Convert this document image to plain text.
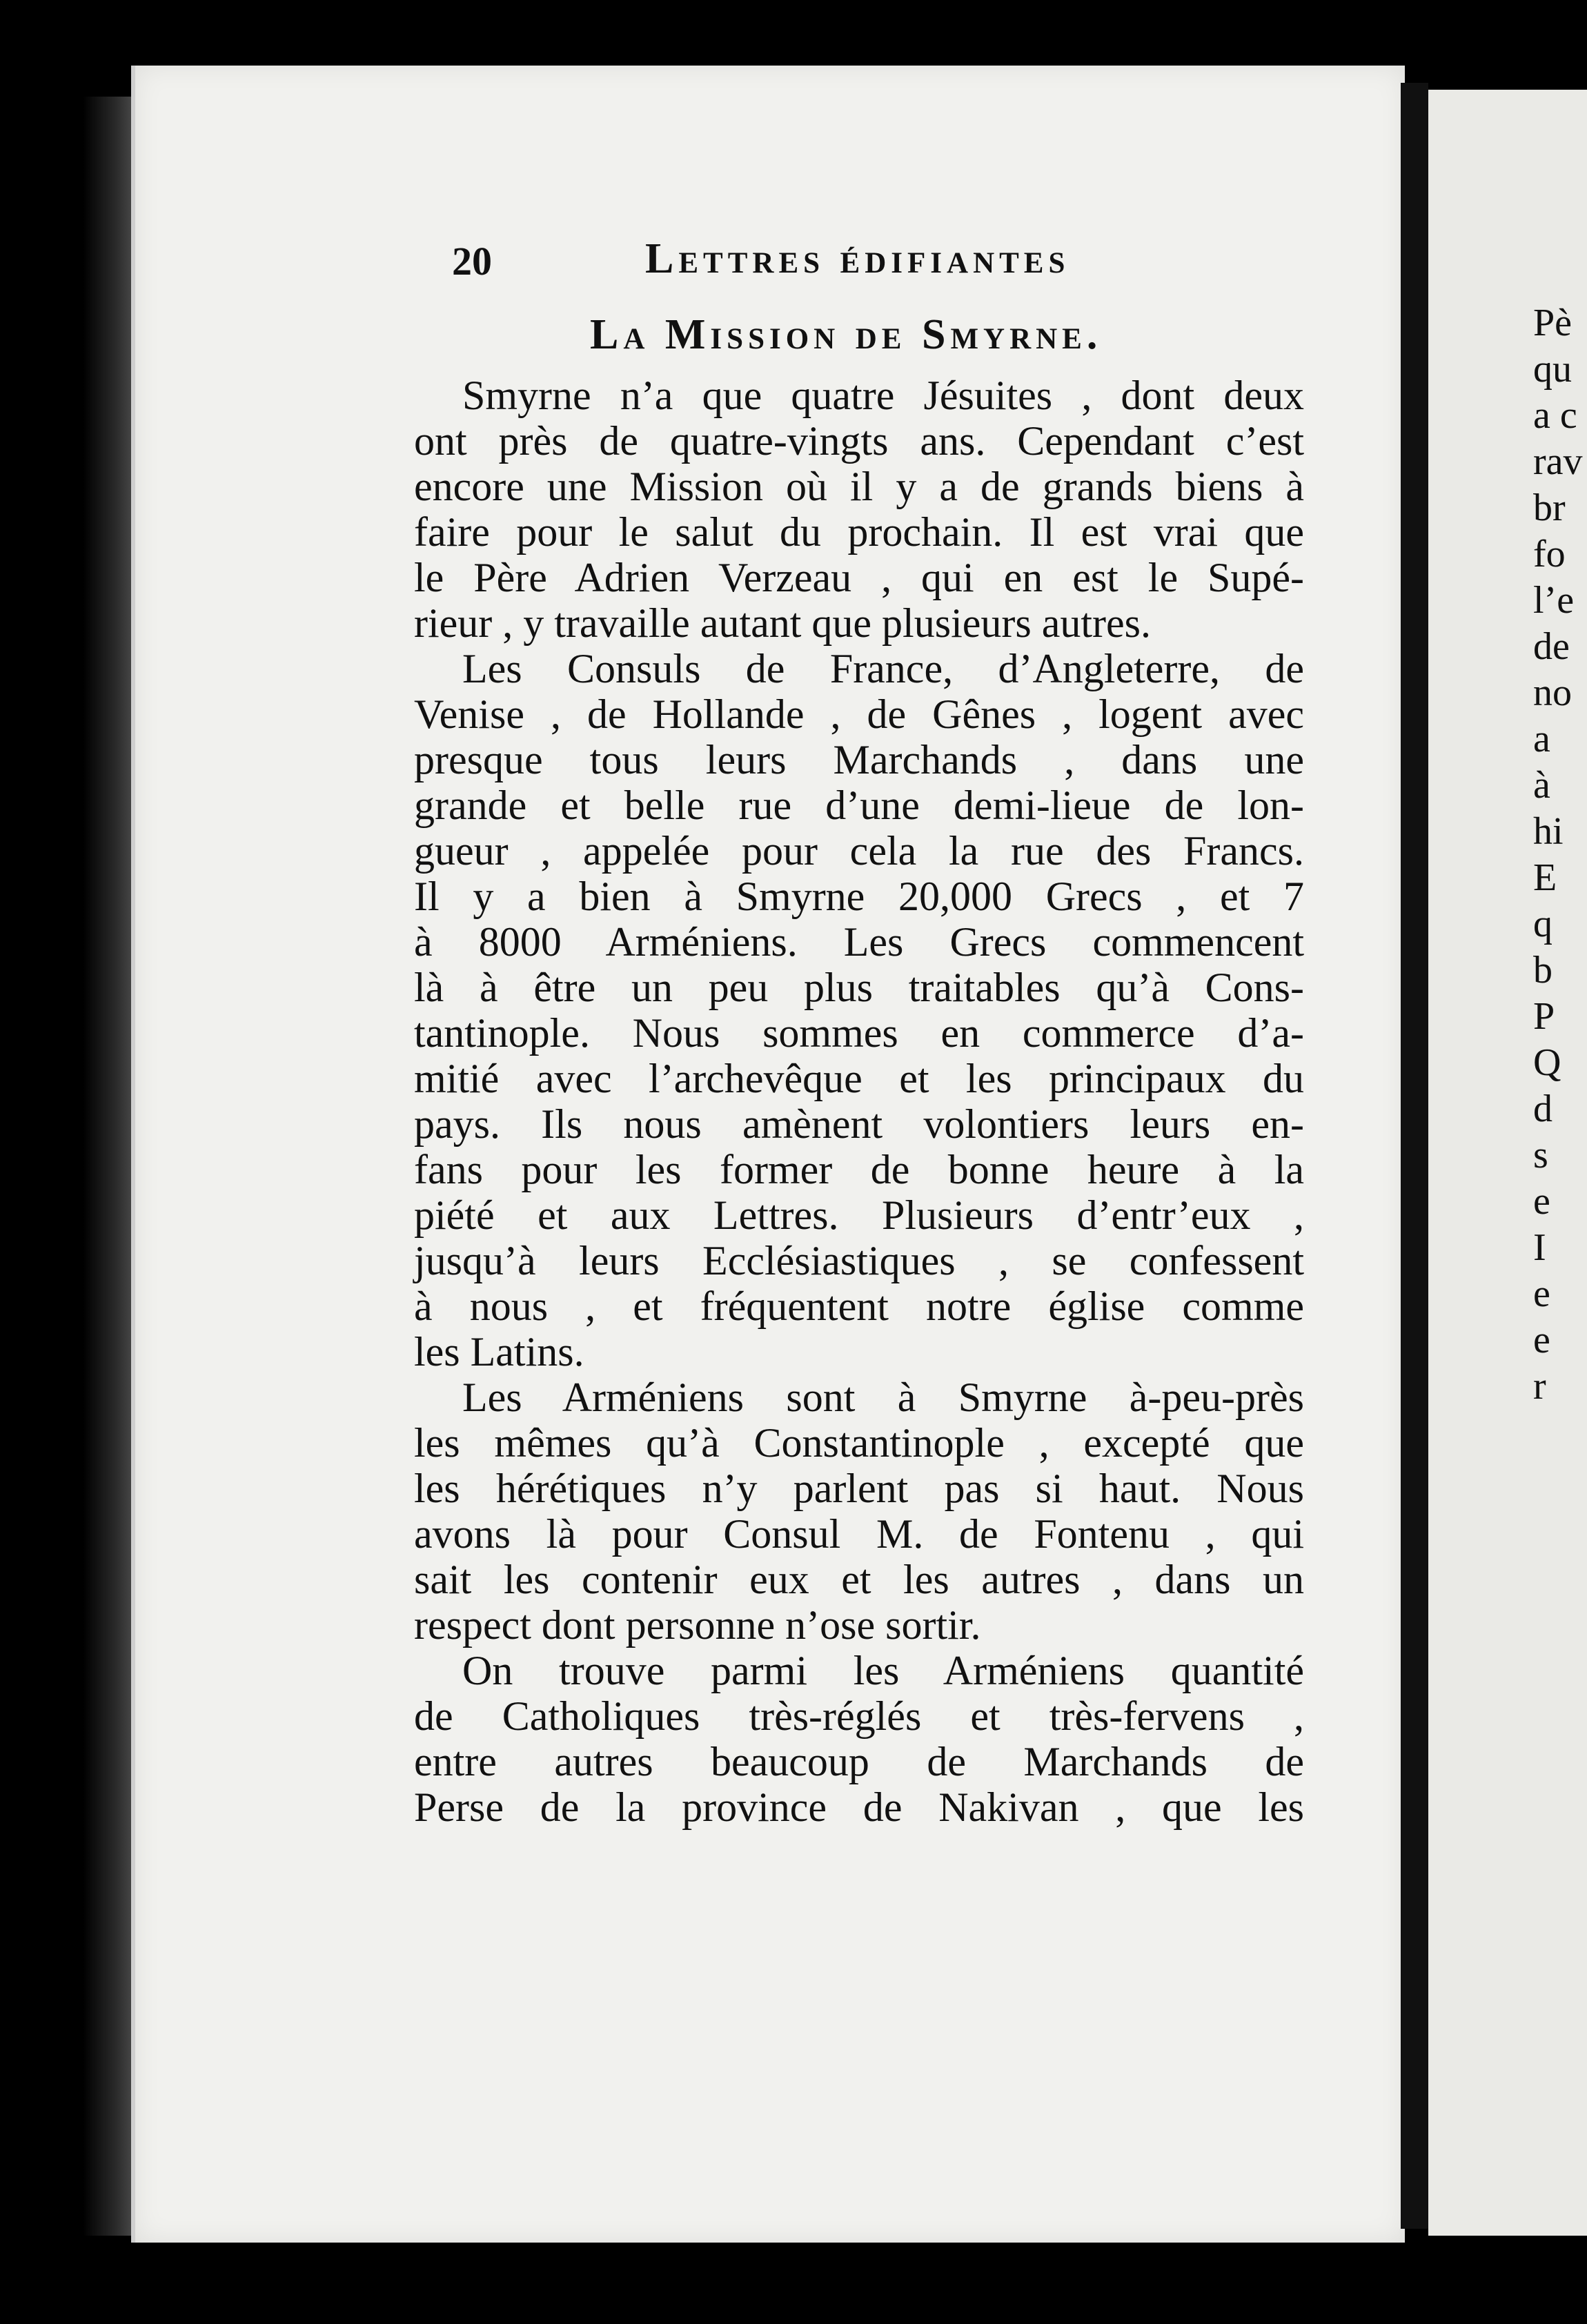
Pè

qu

a c

rav

br

fo

l’e

de

no

a

à

hi

E

q

b

P

Q

d

s

e

I

e

e

r

20	Lettres édifiantes

La Mission de Smyrne.

Smyrne n’a que quatre Jésuites , dont deux
ont près de quatre-vingts ans. Cependant c’est
encore une Mission où il y a de grands biens à
faire pour le salut du prochain. Il est vrai que
le Père Adrien Verzeau , qui en est le Supé-
rieur , y travaille autant que plusieurs autres.
Les Consuls de France, d’Angleterre, de
Venise , de Hollande , de Gênes , logent avec
presque tous leurs Marchands , dans une
grande et belle rue d’une demi-lieue de lon-
gueur , appelée pour cela la rue des Francs.
Il y a bien à Smyrne 20,000 Grecs , et 7
à 8000 Arméniens. Les Grecs commencent
là à être un peu plus traitables qu’à Cons-
tantinople. Nous sommes en commerce d’a-
mitié avec l’archevêque et les principaux du
pays. Ils nous amènent volontiers leurs en-
fans pour les former de bonne heure à la
piété et aux Lettres. Plusieurs d’entr’eux ,
jusqu’à leurs Ecclésiastiques , se confessent
à nous , et fréquentent notre église comme
les Latins.
Les Arméniens sont à Smyrne à-peu-près
les mêmes qu’à Constantinople , excepté que
les hérétiques n’y parlent pas si haut. Nous
avons là pour Consul M. de Fontenu , qui
sait les contenir eux et les autres , dans un
respect dont personne n’ose sortir.
On trouve parmi les Arméniens quantité
de Catholiques très-réglés et très-fervens ,
entre autres beaucoup de Marchands de
Perse de la province de Nakivan , que les
